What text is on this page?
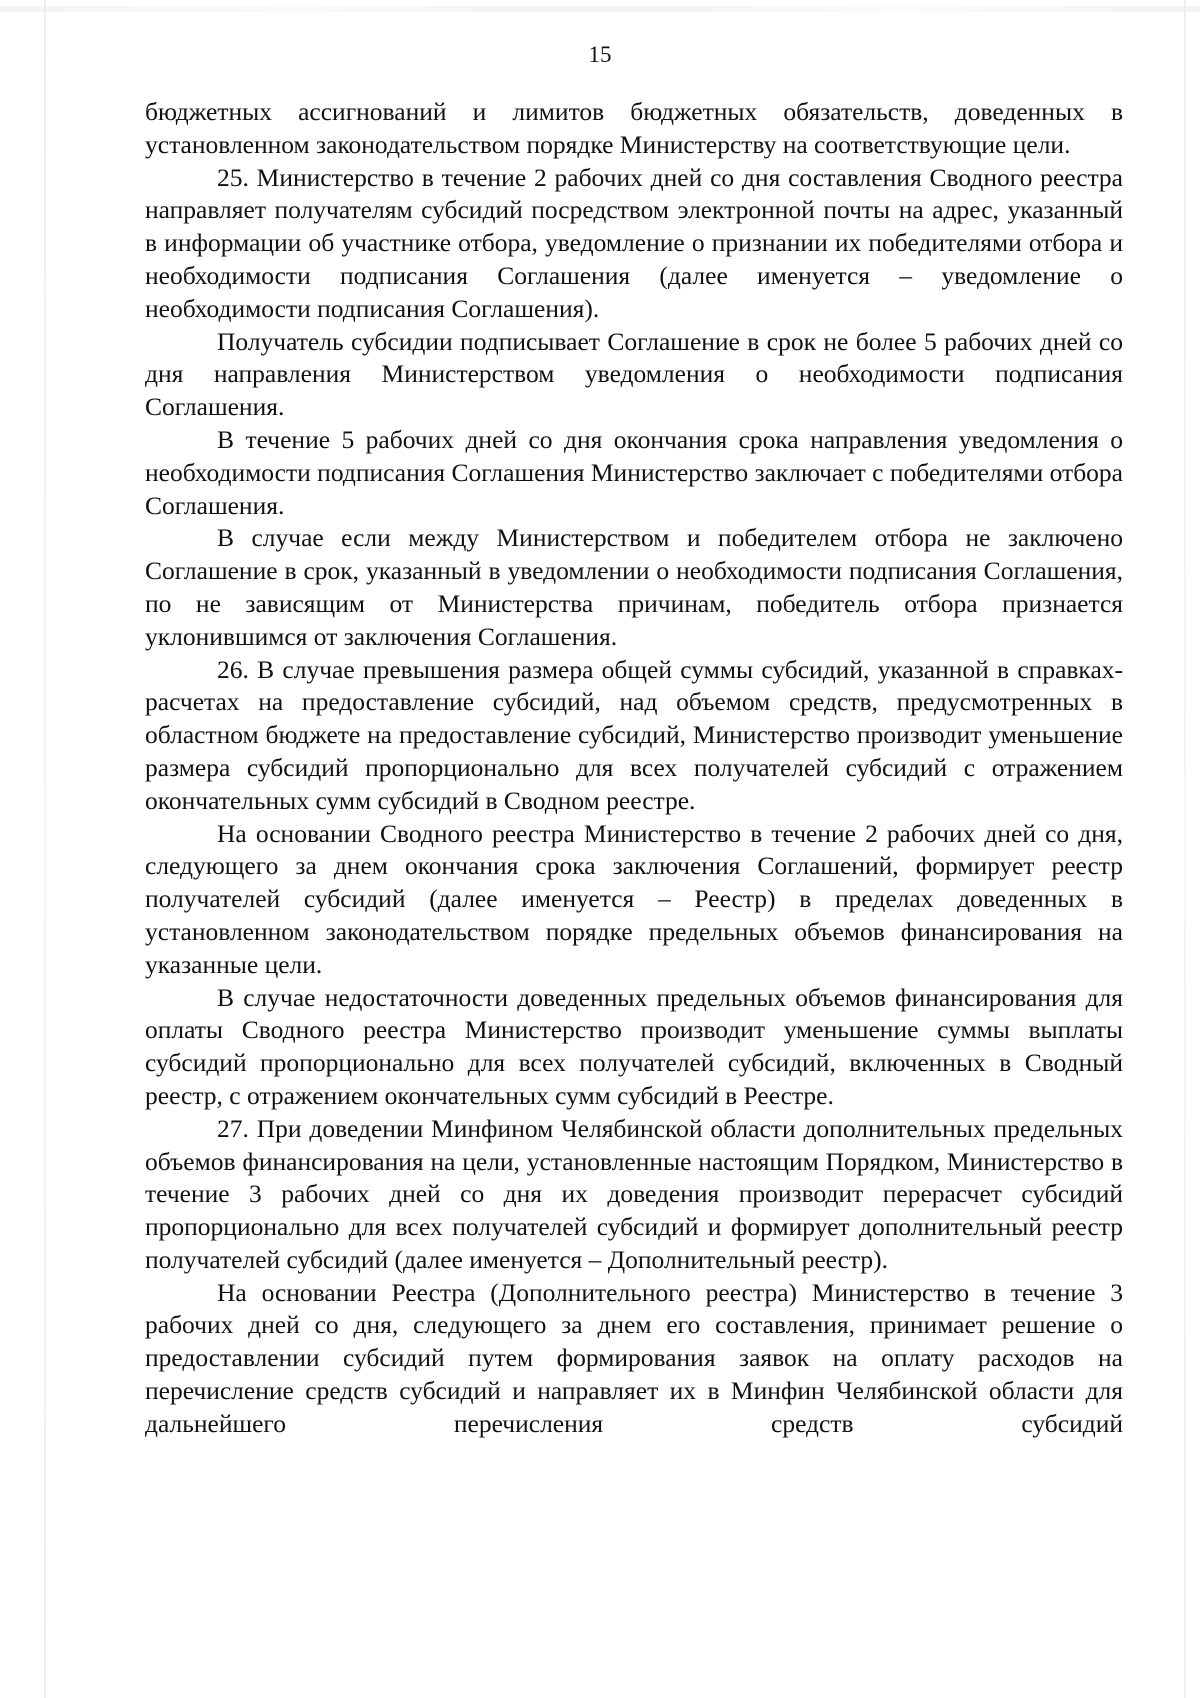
15

бюджетных ассигнований и лимитов бюджетных обязательств, доведенных в установленном законодательством порядке Министерству на соответствующие цели.

25. Министерство в течение 2 рабочих дней со дня составления Сводного реестра направляет получателям субсидий посредством электронной почты на адрес, указанный в информации об участнике отбора, уведомление о признании их победителями отбора и необходимости подписания Соглашения (далее именуется – уведомление о необходимости подписания Соглашения).

Получатель субсидии подписывает Соглашение в срок не более 5 рабочих дней со дня направления Министерством уведомления о необходимости подписания Соглашения.

В течение 5 рабочих дней со дня окончания срока направления уведомления о необходимости подписания Соглашения Министерство заключает с победителями отбора Соглашения.

В случае если между Министерством и победителем отбора не заключено Соглашение в срок, указанный в уведомлении о необходимости подписания Соглашения, по не зависящим от Министерства причинам, победитель отбора признается уклонившимся от заключения Соглашения.

26. В случае превышения размера общей суммы субсидий, указанной в справках-расчетах на предоставление субсидий, над объемом средств, предусмотренных в областном бюджете на предоставление субсидий, Министерство производит уменьшение размера субсидий пропорционально для всех получателей субсидий с отражением окончательных сумм субсидий в Сводном реестре.

На основании Сводного реестра Министерство в течение 2 рабочих дней со дня, следующего за днем окончания срока заключения Соглашений, формирует реестр получателей субсидий (далее именуется – Реестр) в пределах доведенных в установленном законодательством порядке предельных объемов финансирования на указанные цели.

В случае недостаточности доведенных предельных объемов финансирования для оплаты Сводного реестра Министерство производит уменьшение суммы выплаты субсидий пропорционально для всех получателей субсидий, включенных в Сводный реестр, с отражением окончательных сумм субсидий в Реестре.

27. При доведении Минфином Челябинской области дополнительных предельных объемов финансирования на цели, установленные настоящим Порядком, Министерство в течение 3 рабочих дней со дня их доведения производит перерасчет субсидий пропорционально для всех получателей субсидий и формирует дополнительный реестр получателей субсидий (далее именуется – Дополнительный реестр).

На основании Реестра (Дополнительного реестра) Министерство в течение 3 рабочих дней со дня, следующего за днем его составления, принимает решение о предоставлении субсидий путем формирования заявок на оплату расходов на перечисление средств субсидий и направляет их в Минфин Челябинской области для дальнейшего перечисления средств субсидий
